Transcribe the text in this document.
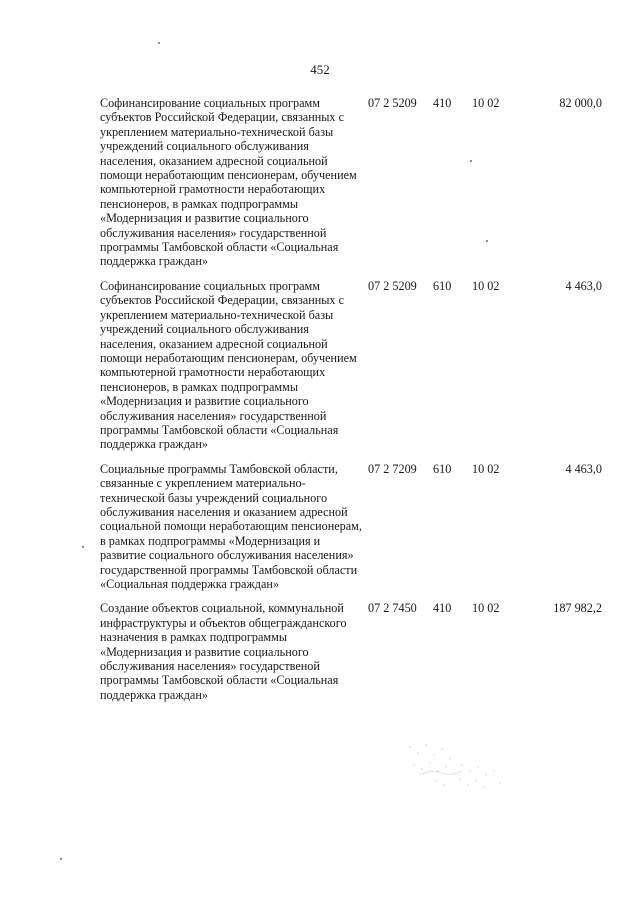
452
Софинансирование социальных программ субъектов Российской Федерации, связанных с укреплением материально-технической базы учреждений социального обслуживания населения, оказанием адресной социальной помощи неработающим пенсионерам, обучением компьютерной грамотности неработающих пенсионеров, в рамках подпрограммы «Модернизация и развитие социального обслуживания населения» государственной программы Тамбовской области «Социальная поддержка граждан»
07 2 5209 410 10 02	82 000,0
Софинансирование социальных программ субъектов Российской Федерации, связанных с укреплением материально-технической базы учреждений социального обслуживания населения, оказанием адресной социальной помощи неработающим пенсионерам, обучением компьютерной грамотности неработающих пенсионеров, в рамках подпрограммы «Модернизация и развитие социального обслуживания населения» государственной программы Тамбовской области «Социальная поддержка граждан»
07 2 5209 610 10 02	4 463,0
Социальные программы Тамбовской области, связанные с укреплением материально-технической базы учреждений социального обслуживания населения и оказанием адресной социальной помощи неработающим пенсионерам, в рамках подпрограммы «Модернизация и развитие социального обслуживания населения» государственной программы Тамбовской области «Социальная поддержка граждан»
07 2 7209 610 10 02	4 463,0
Создание объектов социальной, коммунальной инфраструктуры и объектов общегражданского назначения в рамках подпрограммы «Модернизация и развитие социального обслуживания населения» государственой программы Тамбовской области «Социальная поддержка граждан»
07 2 7450 410 10 02	187 982,2
